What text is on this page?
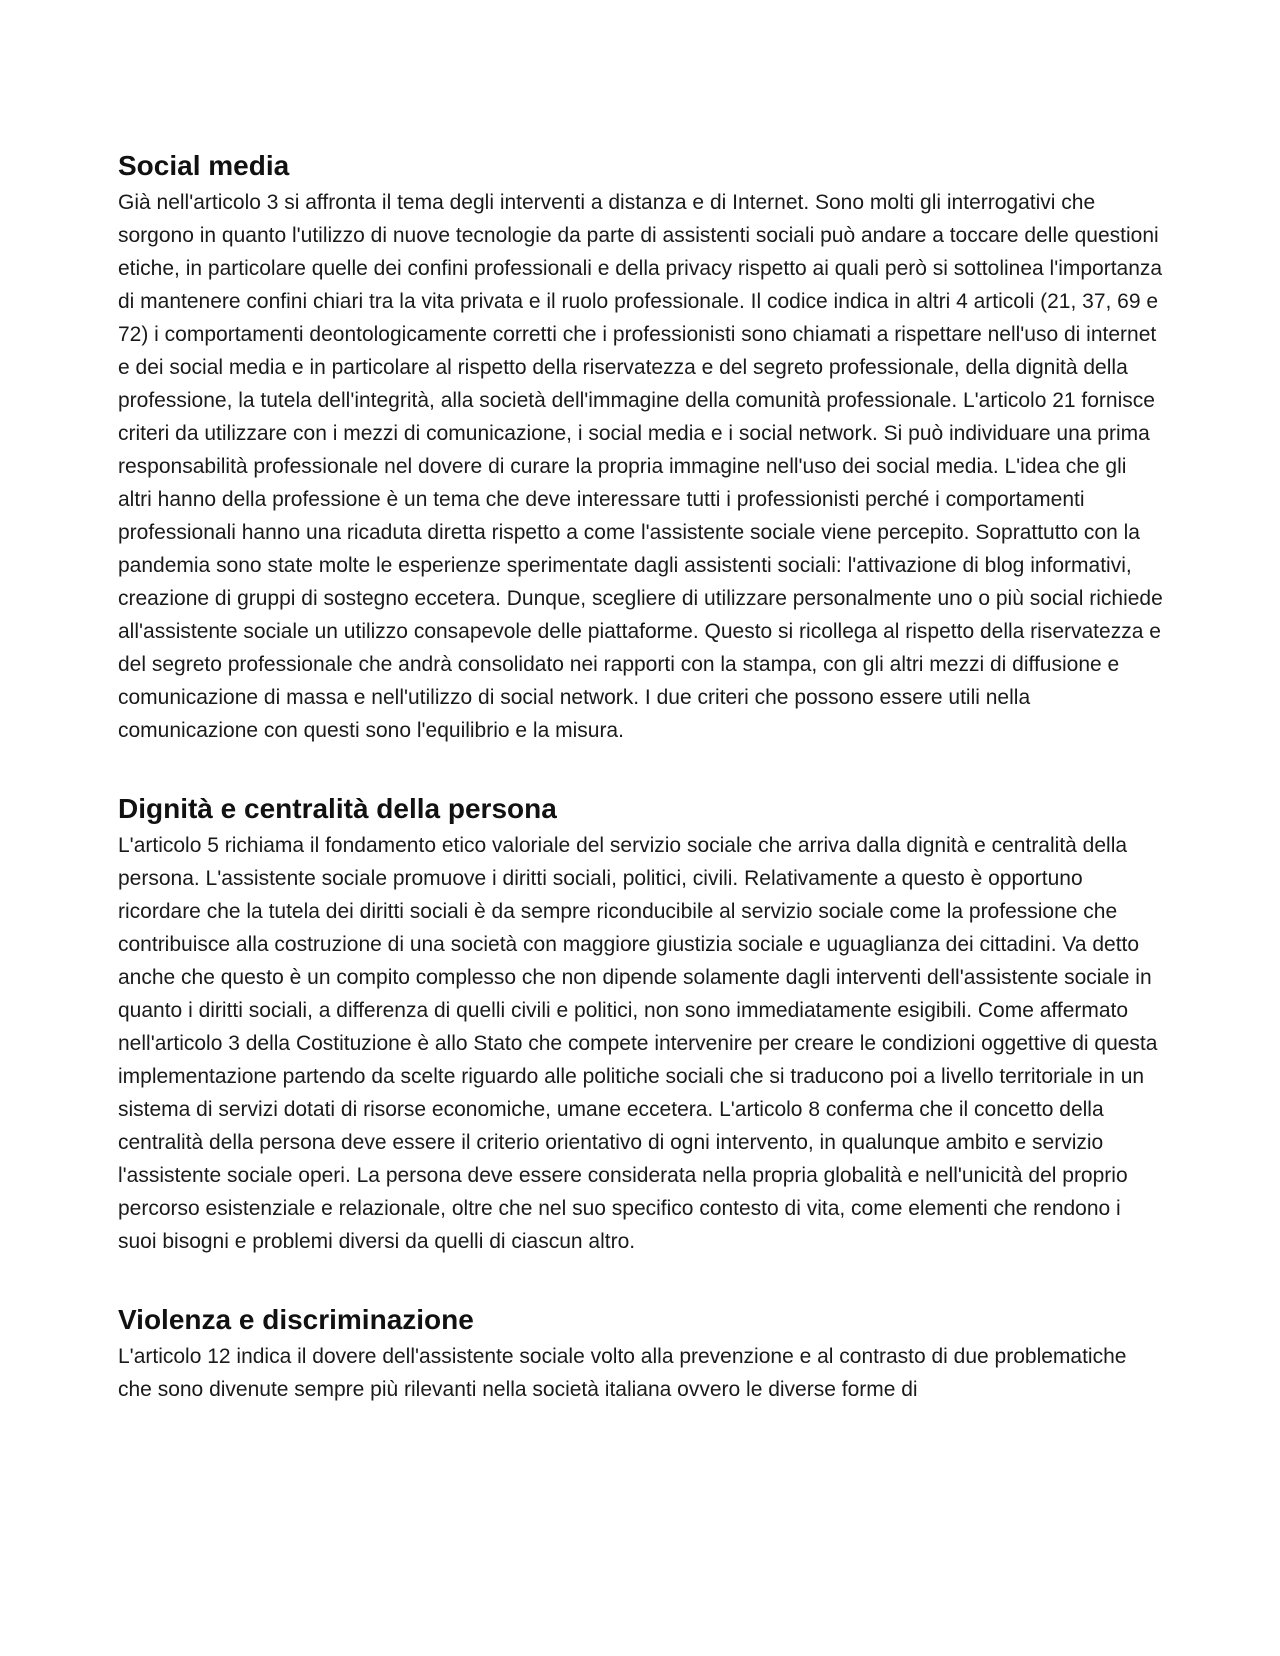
Social media

Già nell'articolo 3 si affronta il tema degli interventi a distanza e di Internet. Sono molti gli interrogativi che sorgono in quanto l'utilizzo di nuove tecnologie da parte di assistenti sociali può andare a toccare delle questioni etiche, in particolare quelle dei confini professionali e della privacy rispetto ai quali però si sottolinea l'importanza di mantenere confini chiari tra la vita privata e il ruolo professionale. Il codice indica in altri 4 articoli (21, 37, 69 e 72) i comportamenti deontologicamente corretti che i professionisti sono chiamati a rispettare nell'uso di internet e dei social media e in particolare al rispetto della riservatezza e del segreto professionale, della dignità della professione, la tutela dell'integrità, alla società dell'immagine della comunità professionale. L'articolo 21 fornisce criteri da utilizzare con i mezzi di comunicazione, i social media e i social network. Si può individuare una prima responsabilità professionale nel dovere di curare la propria immagine nell'uso dei social media. L'idea che gli altri hanno della professione è un tema che deve interessare tutti i professionisti perché i comportamenti professionali hanno una ricaduta diretta rispetto a come l'assistente sociale viene percepito. Soprattutto con la pandemia sono state molte le esperienze sperimentate dagli assistenti sociali: l'attivazione di blog informativi, creazione di gruppi di sostegno eccetera. Dunque, scegliere di utilizzare personalmente uno o più social richiede all'assistente sociale un utilizzo consapevole delle piattaforme. Questo si ricollega al rispetto della riservatezza e del segreto professionale che andrà consolidato nei rapporti con la stampa, con gli altri mezzi di diffusione e comunicazione di massa e nell'utilizzo di social network. I due criteri che possono essere utili nella comunicazione con questi sono l'equilibrio e la misura.

Dignità e centralità della persona

L'articolo 5 richiama il fondamento etico valoriale del servizio sociale che arriva dalla dignità e centralità della persona. L'assistente sociale promuove i diritti sociali, politici, civili. Relativamente a questo è opportuno ricordare che la tutela dei diritti sociali è da sempre riconducibile al servizio sociale come la professione che contribuisce alla costruzione di una società con maggiore giustizia sociale e uguaglianza dei cittadini. Va detto anche che questo è un compito complesso che non dipende solamente dagli interventi dell'assistente sociale in quanto i diritti sociali, a differenza di quelli civili e politici, non sono immediatamente esigibili. Come affermato nell'articolo 3 della Costituzione è allo Stato che compete intervenire per creare le condizioni oggettive di questa implementazione partendo da scelte riguardo alle politiche sociali che si traducono poi a livello territoriale in un sistema di servizi dotati di risorse economiche, umane eccetera. L'articolo 8 conferma che il concetto della centralità della persona deve essere il criterio orientativo di ogni intervento, in qualunque ambito e servizio l'assistente sociale operi. La persona deve essere considerata nella propria globalità e nell'unicità del proprio percorso esistenziale e relazionale, oltre che nel suo specifico contesto di vita, come elementi che rendono i suoi bisogni e problemi diversi da quelli di ciascun altro.

Violenza e discriminazione

L'articolo 12 indica il dovere dell'assistente sociale volto alla prevenzione e al contrasto di due problematiche che sono divenute sempre più rilevanti nella società italiana ovvero le diverse forme di
